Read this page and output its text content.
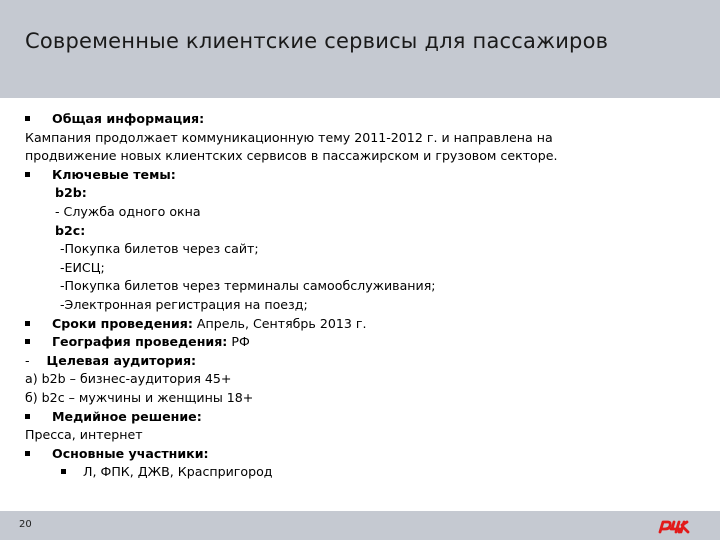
Современные клиентские сервисы для пассажиров
Общая информация:
Кампания продолжает коммуникационную тему 2011-2012 г. и направлена на
продвижение новых клиентских сервисов в пассажирском и грузовом секторе.
Ключевые темы:
b2b:
- Служба одного окна
b2c:
-Покупка билетов через сайт;
-ЕИСЦ;
-Покупка билетов через терминалы самообслуживания;
-Электронная регистрация на поезд;
Сроки проведения: Апрель, Сентябрь 2013 г.
География проведения: РФ
- Целевая аудитория:
а) b2b – бизнес-аудитория 45+
б) b2c – мужчины и женщины 18+
Медийное решение:
Пресса, интернет
Основные участники:
Л, ФПК, ДЖВ, Краспригород
20
